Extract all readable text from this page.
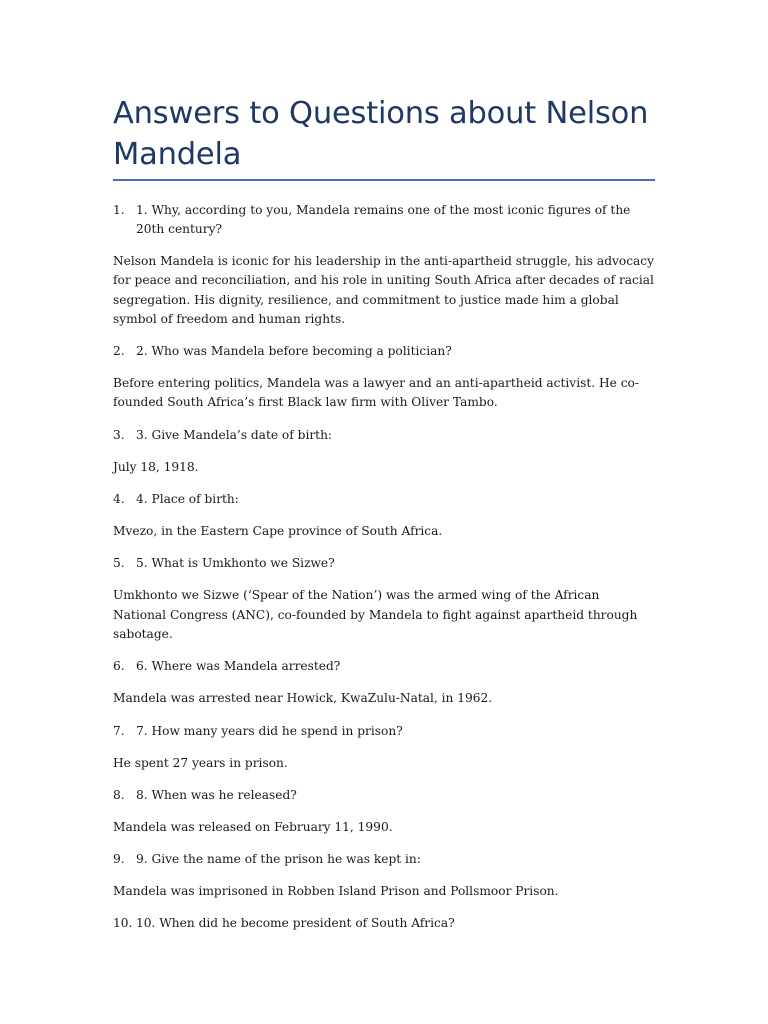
Answers to Questions about Nelson Mandela

1. 1. Why, according to you, Mandela remains one of the most iconic figures of the 20th century?

Nelson Mandela is iconic for his leadership in the anti-apartheid struggle, his advocacy for peace and reconciliation, and his role in uniting South Africa after decades of racial segregation. His dignity, resilience, and commitment to justice made him a global symbol of freedom and human rights.

2. 2. Who was Mandela before becoming a politician?

Before entering politics, Mandela was a lawyer and an anti-apartheid activist. He co-founded South Africa’s first Black law firm with Oliver Tambo.

3. 3. Give Mandela’s date of birth:

July 18, 1918.

4. 4. Place of birth:

Mvezo, in the Eastern Cape province of South Africa.

5. 5. What is Umkhonto we Sizwe?

Umkhonto we Sizwe (‘Spear of the Nation’) was the armed wing of the African National Congress (ANC), co-founded by Mandela to fight against apartheid through sabotage.

6. 6. Where was Mandela arrested?

Mandela was arrested near Howick, KwaZulu-Natal, in 1962.

7. 7. How many years did he spend in prison?

He spent 27 years in prison.

8. 8. When was he released?

Mandela was released on February 11, 1990.

9. 9. Give the name of the prison he was kept in:

Mandela was imprisoned in Robben Island Prison and Pollsmoor Prison.

10. 10. When did he become president of South Africa?
